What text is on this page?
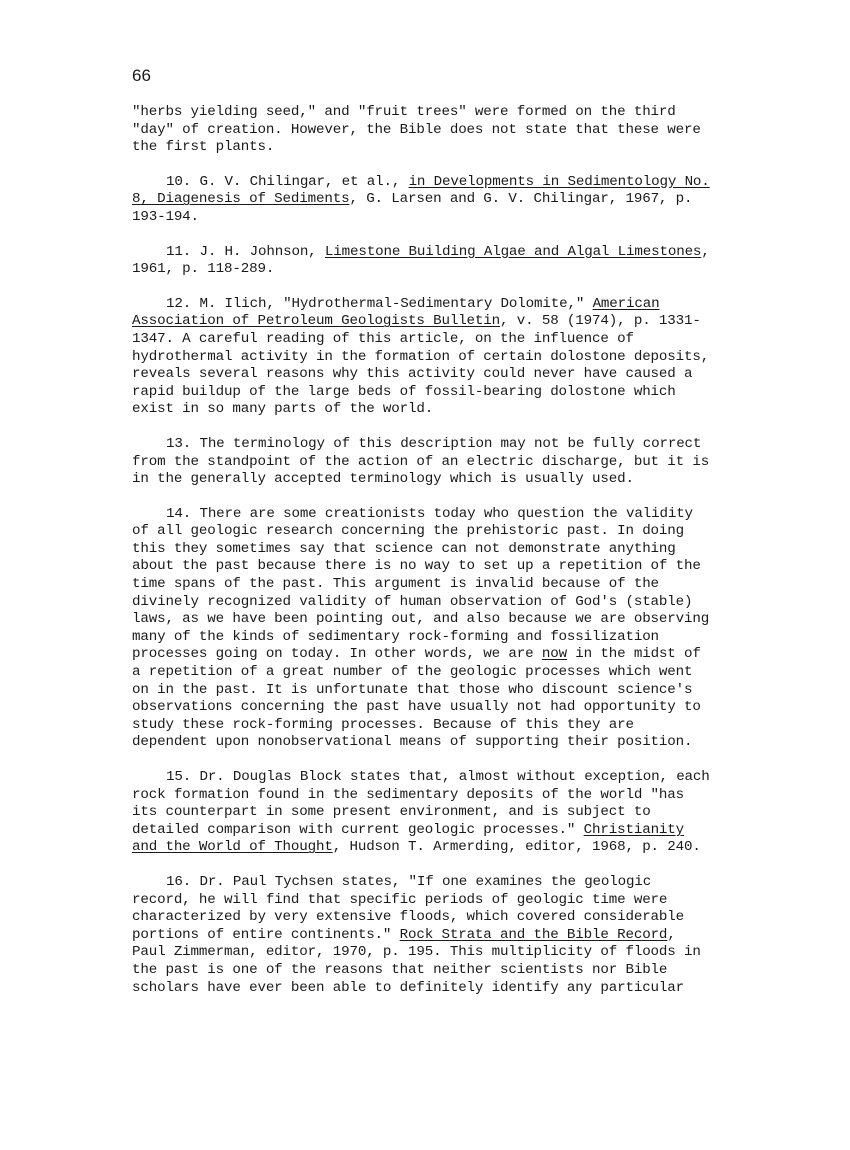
66

"herbs yielding seed," and "fruit trees" were formed on the third "day" of creation. However, the Bible does not state that these were the first plants.

10. G. V. Chilingar, et al., in Developments in Sedimentology No. 8, Diagenesis of Sediments, G. Larsen and G. V. Chilingar, 1967, p. 193-194.

11. J. H. Johnson, Limestone Building Algae and Algal Limestones, 1961, p. 118-289.

12. M. Ilich, "Hydrothermal-Sedimentary Dolomite," American Association of Petroleum Geologists Bulletin, v. 58 (1974), p. 1331-1347. A careful reading of this article, on the influence of hydrothermal activity in the formation of certain dolostone deposits, reveals several reasons why this activity could never have caused a rapid buildup of the large beds of fossil-bearing dolostone which exist in so many parts of the world.

13. The terminology of this description may not be fully correct from the standpoint of the action of an electric discharge, but it is in the generally accepted terminology which is usually used.

14. There are some creationists today who question the validity of all geologic research concerning the prehistoric past. In doing this they sometimes say that science can not demonstrate anything about the past because there is no way to set up a repetition of the time spans of the past. This argument is invalid because of the divinely recognized validity of human observation of God's (stable) laws, as we have been pointing out, and also because we are observing many of the kinds of sedimentary rock-forming and fossilization processes going on today. In other words, we are now in the midst of a repetition of a great number of the geologic processes which went on in the past. It is unfortunate that those who discount science's observations concerning the past have usually not had opportunity to study these rock-forming processes. Because of this they are dependent upon nonobservational means of supporting their position.

15. Dr. Douglas Block states that, almost without exception, each rock formation found in the sedimentary deposits of the world "has its counterpart in some present environment, and is subject to detailed comparison with current geologic processes." Christianity and the World of Thought, Hudson T. Armerding, editor, 1968, p. 240.

16. Dr. Paul Tychsen states, "If one examines the geologic record, he will find that specific periods of geologic time were characterized by very extensive floods, which covered considerable portions of entire continents." Rock Strata and the Bible Record, Paul Zimmerman, editor, 1970, p. 195. This multiplicity of floods in the past is one of the reasons that neither scientists nor Bible scholars have ever been able to definitely identify any particular
